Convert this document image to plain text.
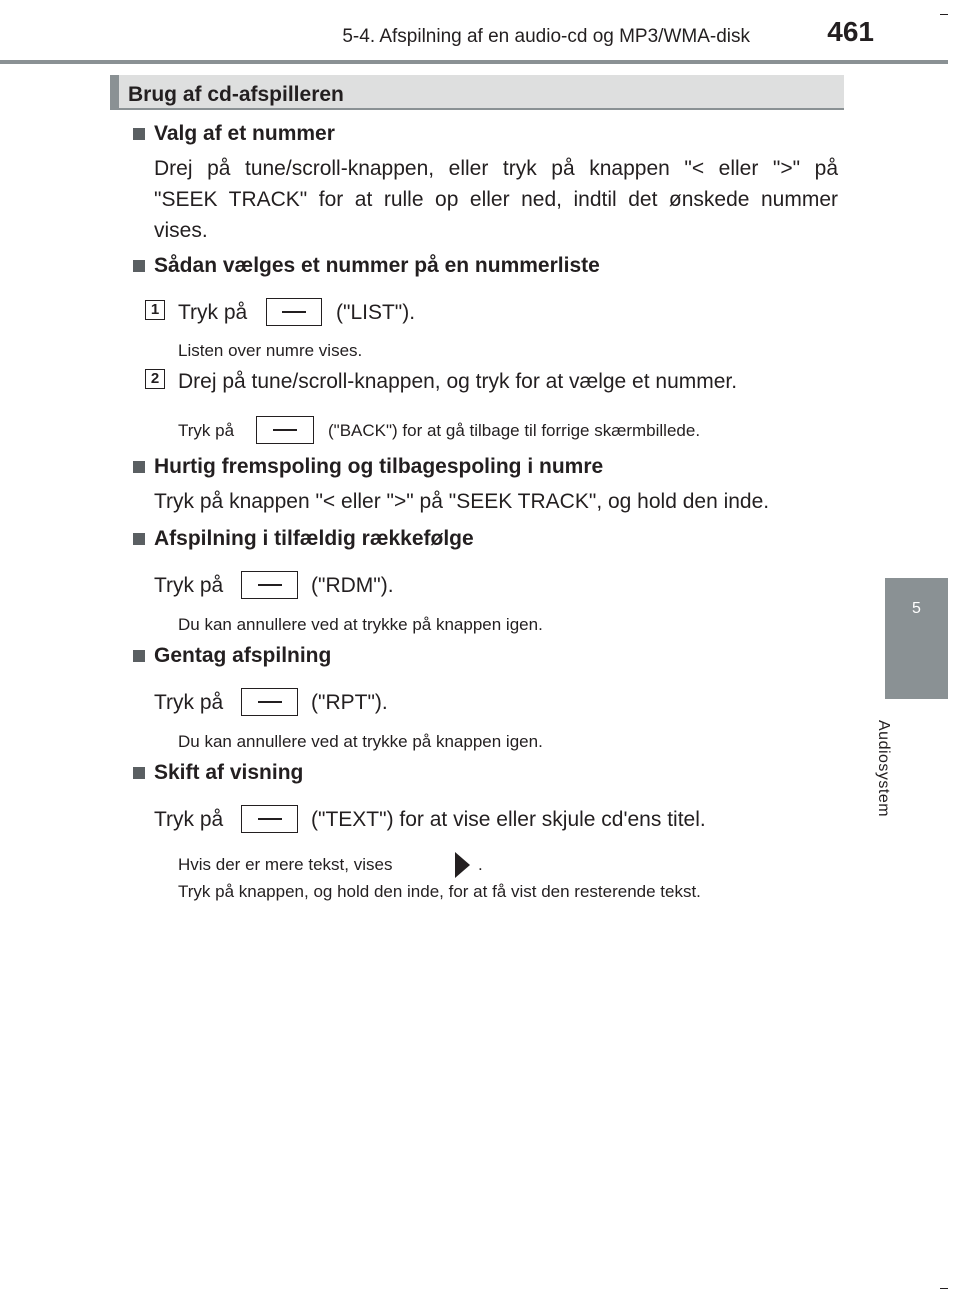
5-4. Afspilning af en audio-cd og MP3/WMA-disk	461
5
Audiosystem
Brug af cd-afspilleren
Valg af et nummer
Drej på tune/scroll-knappen, eller tryk på knappen "< eller ">" på
"SEEK TRACK" for at rulle op eller ned, indtil det ønskede nummer
vises.
Sådan vælges et nummer på en nummerliste
1 Tryk på	("LIST").
Listen over numre vises.
2 Drej på tune/scroll-knappen, og tryk for at vælge et nummer.
Tryk på	("BACK") for at gå tilbage til forrige skærmbillede.
Hurtig fremspoling og tilbagespoling i numre
Tryk på knappen "< eller ">" på "SEEK TRACK", og hold den inde.
Afspilning i tilfældig rækkefølge
Tryk på	("RDM").
Du kan annullere ved at trykke på knappen igen.
Gentag afspilning
Tryk på	("RPT").
Du kan annullere ved at trykke på knappen igen.
Skift af visning
Tryk på	("TEXT") for at vise eller skjule cd'ens titel.
Hvis der er mere tekst, vises	.
Tryk på knappen, og hold den inde, for at få vist den resterende tekst.
